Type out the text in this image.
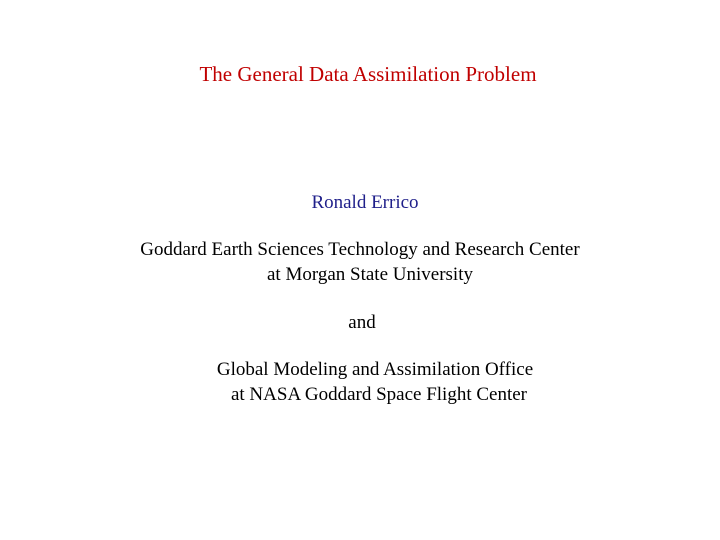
The General Data Assimilation Problem
Ronald Errico
Goddard Earth Sciences Technology and Research Center
at Morgan State University
and
Global Modeling and Assimilation Office
at NASA Goddard Space Flight Center
